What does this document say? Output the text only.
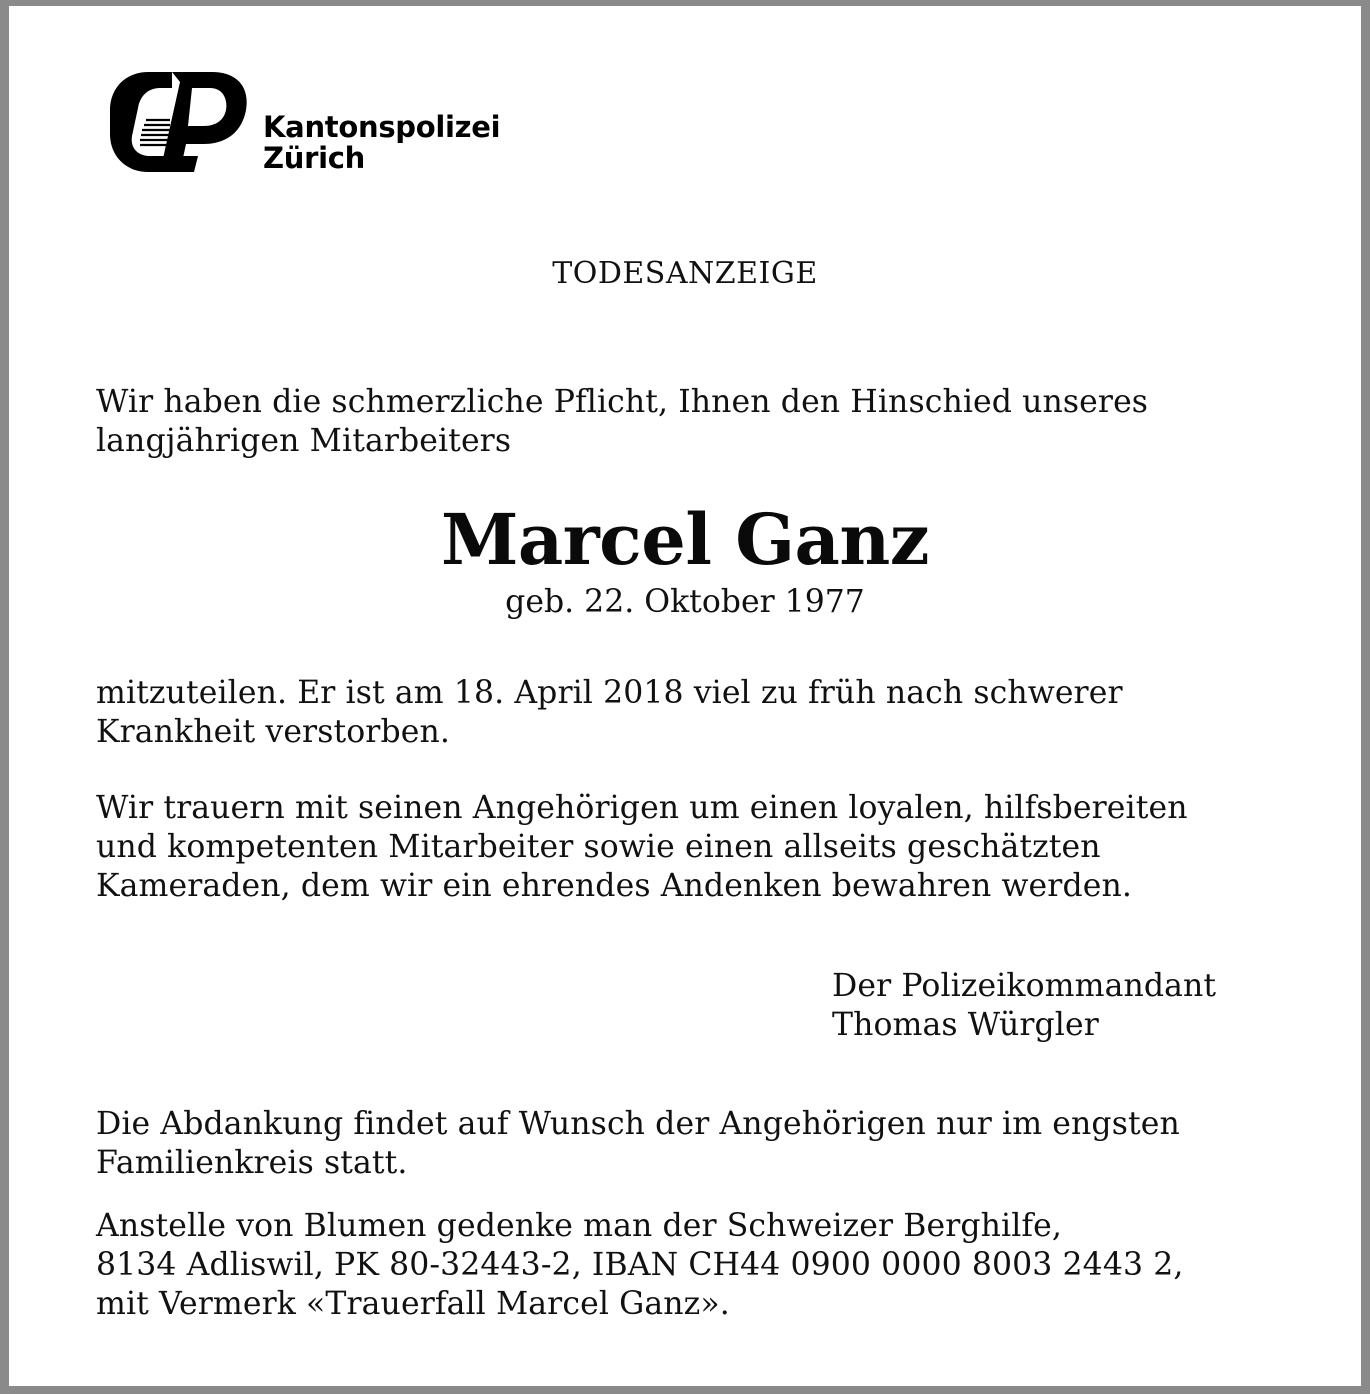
Kantonspolizei
Zürich
TODESANZEIGE
Wir haben die schmerzliche Pflicht, Ihnen den Hinschied unseres
langjährigen Mitarbeiters
Marcel Ganz
geb. 22. Oktober 1977
mitzuteilen. Er ist am 18. April 2018 viel zu früh nach schwerer
Krankheit verstorben.
Wir trauern mit seinen Angehörigen um einen loyalen, hilfsbereiten
und kompetenten Mitarbeiter sowie einen allseits geschätzten
Kameraden, dem wir ein ehrendes Andenken bewahren werden.
Der Polizeikommandant
Thomas Würgler
Die Abdankung findet auf Wunsch der Angehörigen nur im engsten
Familienkreis statt.
Anstelle von Blumen gedenke man der Schweizer Berghilfe,
8134 Adliswil, PK 80-32443-2, IBAN CH44 0900 0000 8003 2443 2,
mit Vermerk «Trauerfall Marcel Ganz».
